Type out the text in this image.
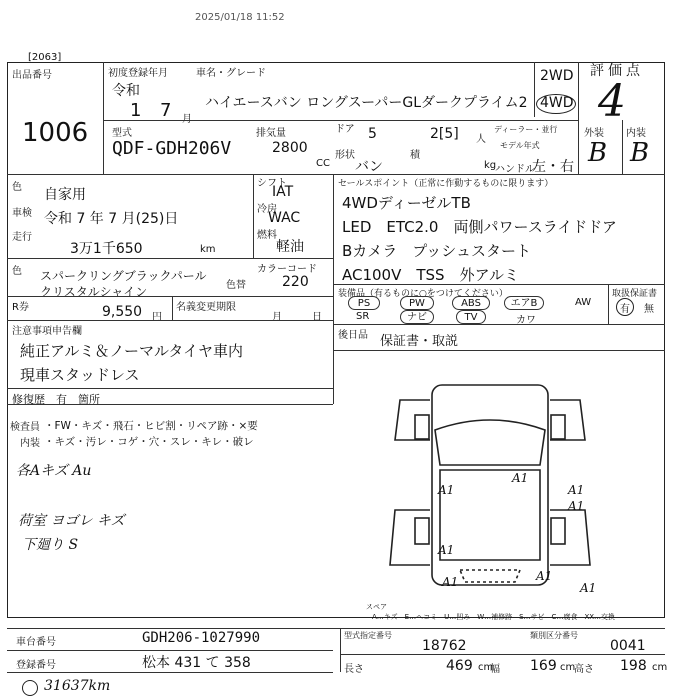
2025/01/18 11:52
[2063]
出品番号
1006
初度登録年月	車名・グレード
令和
1 7 月
ハイエースバン ロングスーパーGLダークプライム2
2WD
4WD
評価点
4
外装 内装
B B
型式
QDF-GDH206V
排気量
2800
CC
ドア 5
形状
バン
積
2[5] 人
kg
ディーラー・並行
モデル年式
ハンドル
左・右
色 自家用
車検 令和 7 年 7 月(25)日
走行
3万1千650	km
シフト
IAT
冷房
WAC
燃料
軽油
色 スパークリングブラックパールクリスタルシャイン
カラーコード
色替	220
R券	9,550 円
名義変更期限
月	日
注意事項申告欄
純正アルミ＆ノーマルタイヤ車内
現車スタッドレス
修復歴　有　箇所
セールスポイント（正常に作動するものに限ります）
4WDディーゼルTB
LED　ETC2.0　両側パワースライドドア
Bカメラ　プッシュスタート
AC100V　TSS　外アルミ
装備品（有るものに○をつけてください）
PS	PW	ABS	エアB	AW
SR	ナビ	TV	カワ
取扱保証書
有 無
後日品 保証書・取説
検査員 ・FW・キズ・飛石・ヒビ割・リペア跡・×要
内装 ・キズ・汚レ・コゲ・穴・スレ・キレ・破レ
各Aキズ Au
荷室 ヨゴレ キズ
下廻り S
A1
A1	A1
A1
A1
A1
A1
A1
スペア
A…キズ　E…ヘコミ　U…凹み　W…補修跡　S…サビ　C…腐食　XX…交換
車台番号	GDH206-1027990
登録番号	松本 431 て 358
型式指定番号
18762
類別区分番号
0041
長さ	469 cm
幅 169 cm
高さ 198 cm
31637km
